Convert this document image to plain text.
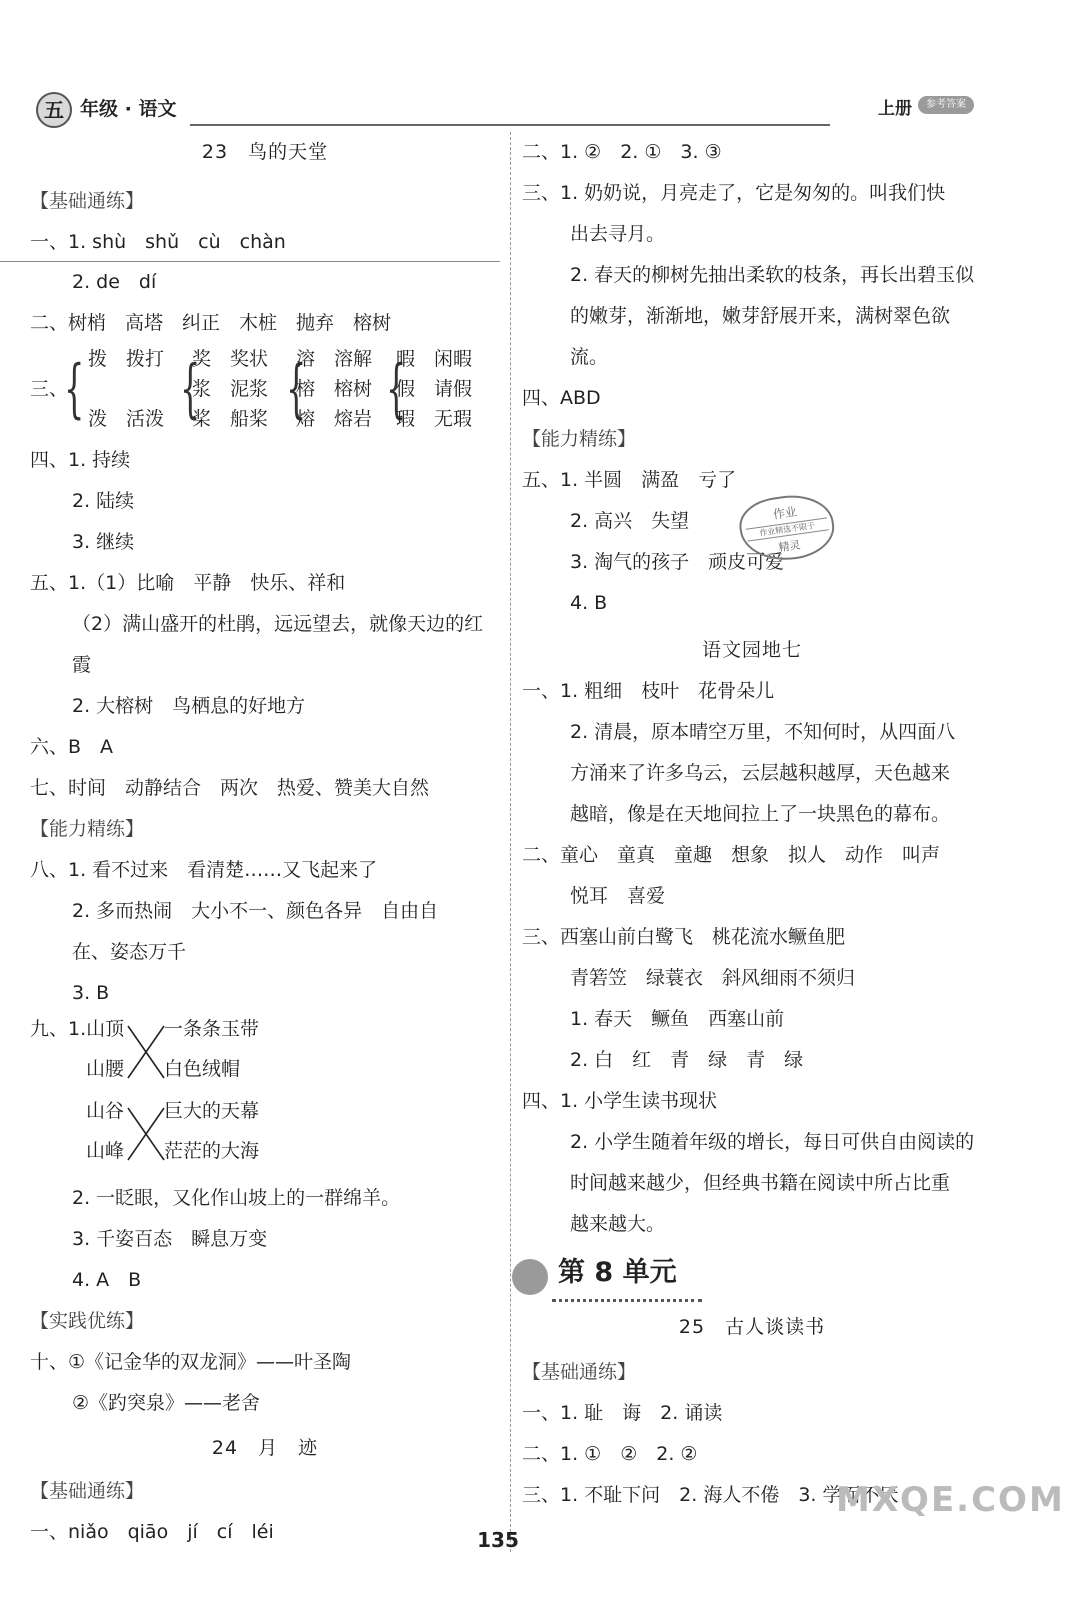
五 年级 · 语文	上册	参考答案
23　鸟的天堂
【基础通练】
一、1. shù　shǔ　cù　chàn
2. de　dí
二、树梢　高塔　纠正　木桩　抛弃　榕树
三、
{ 拨　拨打
泼　活泼 {
奖　奖状
浆　泥浆
桨　船桨 {
溶　溶解
榕　榕树
熔　熔岩 {
暇　闲暇
假　请假
瑕　无瑕
四、1. 持续
2. 陆续
3. 继续
五、1.（1）比喻　平静　快乐、祥和
（2）满山盛开的杜鹃，远远望去，就像天边的红
霞
2. 大榕树　鸟栖息的好地方
六、B　A
七、时间　动静结合　两次　热爱、赞美大自然
【能力精练】
八、1. 看不过来　看清楚……又飞起来了
2. 多而热闹　大小不一、颜色各异　自由自
在、姿态万千
3. B
九、1.山顶
山腰
一条条玉带
白色绒帽
山谷
山峰
巨大的天幕
茫茫的大海
2. 一眨眼，又化作山坡上的一群绵羊。
3. 千姿百态　瞬息万变
4. A　B
【实践优练】
十、①《记金华的双龙洞》——叶圣陶
②《趵突泉》——老舍
24　月　迹
【基础通练】
一、niǎo　qiāo　jí　cí　léi
二、1. ②　2. ①　3. ③
三、1. 奶奶说，月亮走了，它是匆匆的。叫我们快
出去寻月。
2. 春天的柳树先抽出柔软的枝条，再长出碧玉似
的嫩芽，渐渐地，嫩芽舒展开来，满树翠色欲
流。
四、ABD
【能力精练】
五、1. 半圆　满盈　亏了
2. 高兴　失望
3. 淘气的孩子　顽皮可爱
4. B
语文园地七
一、1. 粗细　枝叶　花骨朵儿
2. 清晨，原本晴空万里，不知何时，从四面八
方涌来了许多乌云，云层越积越厚，天色越来
越暗，像是在天地间拉上了一块黑色的幕布。
二、童心　童真　童趣　想象　拟人　动作　叫声
悦耳　喜爱
三、西塞山前白鹭飞　桃花流水鳜鱼肥
青箬笠　绿蓑衣　斜风细雨不须归
1. 春天　鳜鱼　西塞山前
2. 白　红　青　绿　青　绿
四、1. 小学生读书现状
2. 小学生随着年级的增长，每日可供自由阅读的
时间越来越少，但经典书籍在阅读中所占比重
越来越大。
第 8 单元
25　古人谈读书
【基础通练】
一、1. 耻　诲　2. 诵读
二、1. ①　②　2. ②
三、1. 不耻下问　2. 海人不倦　3. 学而不厌
作业
作业精选不限于
精灵
MXQE.COM
135
